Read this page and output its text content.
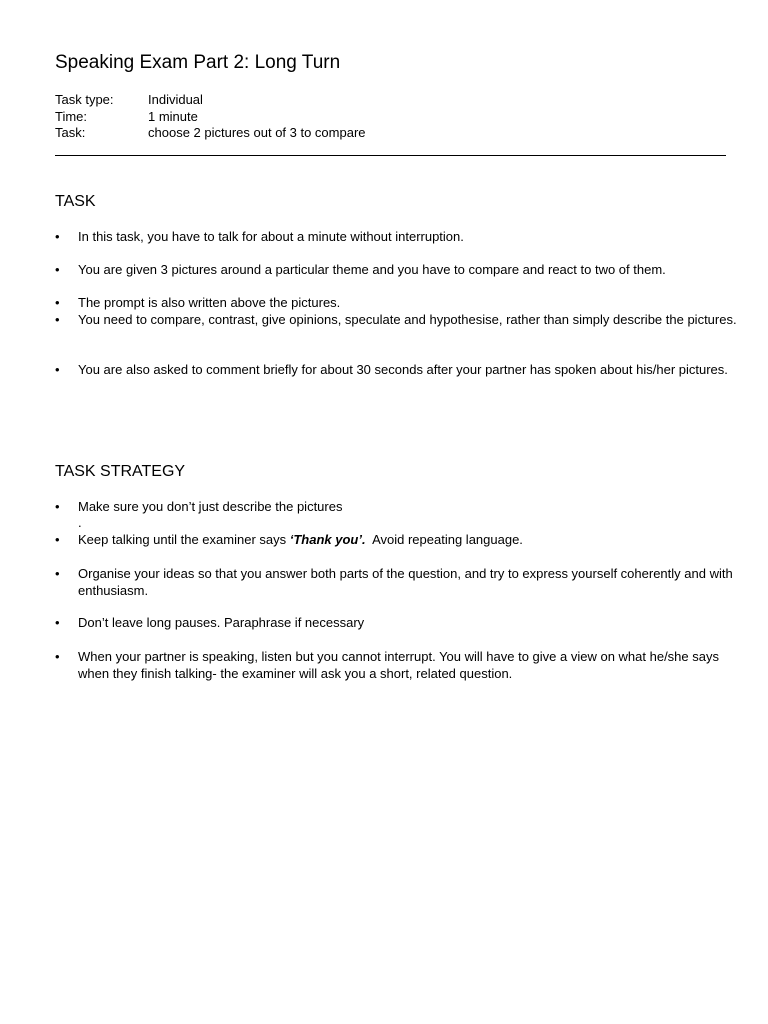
Speaking Exam Part 2: Long Turn
Task type:	Individual
Time:	1 minute
Task:	choose 2 pictures out of 3 to compare
TASK
• In this task, you have to talk for about a minute without interruption.
• You are given 3 pictures around a particular theme and you have to compare and react to two of them.
• The prompt is also written above the pictures.
• You need to compare, contrast, give opinions, speculate and hypothesise, rather than simply describe the pictures.
• You are also asked to comment briefly for about 30 seconds after your partner has spoken about his/her pictures.
TASK STRATEGY
• Make sure you don’t just describe the pictures
.
• Keep talking until the examiner says ‘Thank you’.  Avoid repeating language.
• Organise your ideas so that you answer both parts of the question, and try to express yourself coherently and with enthusiasm.
• Don’t leave long pauses. Paraphrase if necessary
• When your partner is speaking, listen but you cannot interrupt. You will have to give a view on what he/she says when they finish talking- the examiner will ask you a short, related question.
